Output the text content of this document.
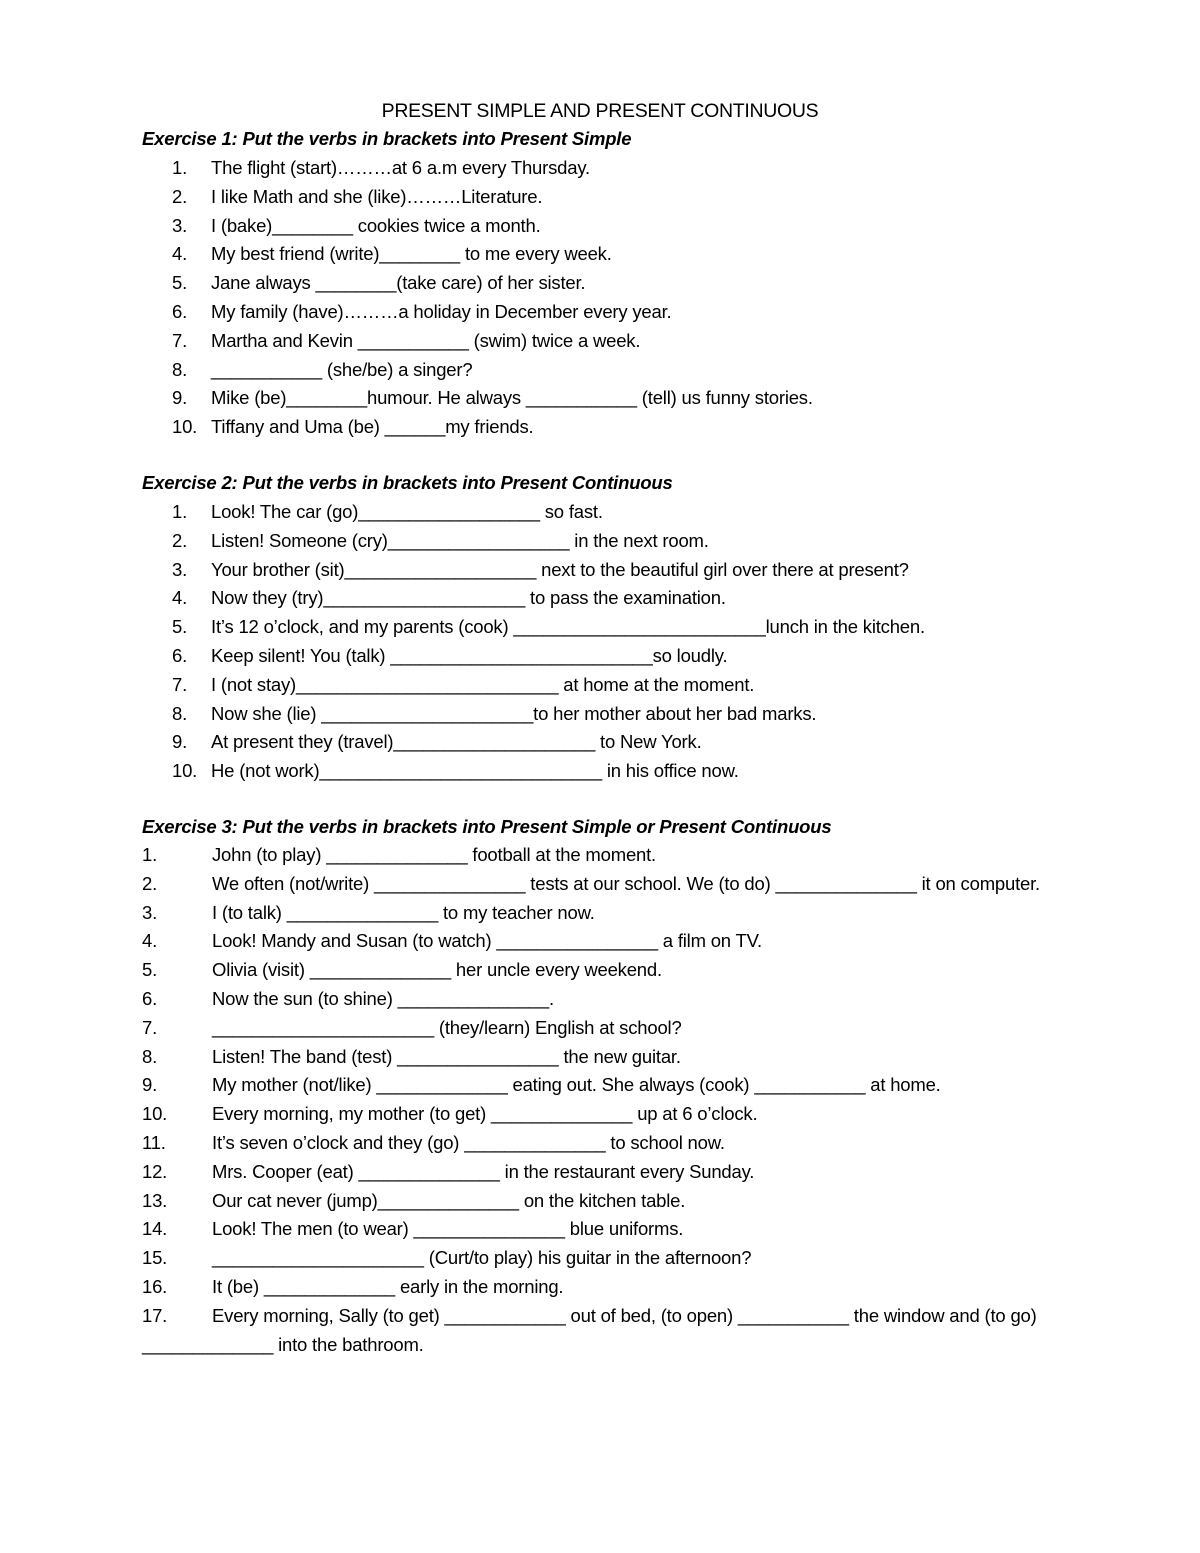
PRESENT SIMPLE AND PRESENT CONTINUOUS
Exercise 1: Put the verbs in brackets into Present Simple
1.	The flight (start)………at 6 a.m every Thursday.
2.	I like Math and she (like)………Literature.
3.	I (bake)________ cookies twice a month.
4.	My best friend (write)________ to me every week.
5.	Jane always ________(take care) of her sister.
6.	My family (have)………a holiday in December every year.
7.	Martha and Kevin ___________ (swim) twice a week.
8.	___________ (she/be) a singer?
9.	Mike (be)________humour. He always ___________ (tell) us funny stories.
10. Tiffany and Uma (be) ______my friends.
Exercise 2: Put the verbs in brackets into Present Continuous
1.	Look! The car (go)__________________ so fast.
2.	Listen! Someone (cry)__________________ in the next room.
3.	Your brother (sit)___________________ next to the beautiful girl over there at present?
4.	Now they (try)____________________ to pass the examination.
5.	It’s 12 o’clock, and my parents (cook) _________________________lunch in the kitchen.
6.	Keep silent! You (talk) __________________________so loudly.
7.	I (not stay)__________________________ at home at the moment.
8.	Now she (lie) _____________________to her mother about her bad marks.
9.	At present they (travel)____________________ to New York.
10. He (not work)____________________________ in his office now.
Exercise 3: Put the verbs in brackets into Present Simple or Present Continuous
1.	John (to play) ______________ football at the moment.
2.	We often (not/write) _______________ tests at our school. We (to do) ______________ it on computer.
3.	I (to talk) _______________ to my teacher now.
4.	Look! Mandy and Susan (to watch) ________________ a film on TV.
5.	Olivia (visit) ______________ her uncle every weekend.
6.	Now the sun (to shine) _______________.
7.	______________________ (they/learn) English at school?
8.	Listen! The band (test) ________________ the new guitar.
9.	My mother (not/like) _____________ eating out. She always (cook) ___________ at home.
10.	Every morning, my mother (to get) ______________ up at 6 o’clock.
11.	It’s seven o’clock and they (go) ______________ to school now.
12.	Mrs. Cooper (eat) ______________ in the restaurant every Sunday.
13.	Our cat never (jump)______________ on the kitchen table.
14.	Look! The men (to wear) _______________ blue uniforms.
15.	_____________________ (Curt/to play) his guitar in the afternoon?
16.	It (be) _____________ early in the morning.
17.	Every morning, Sally (to get) ____________ out of bed, (to open) ___________ the window and (to go) _____________ into the bathroom.
